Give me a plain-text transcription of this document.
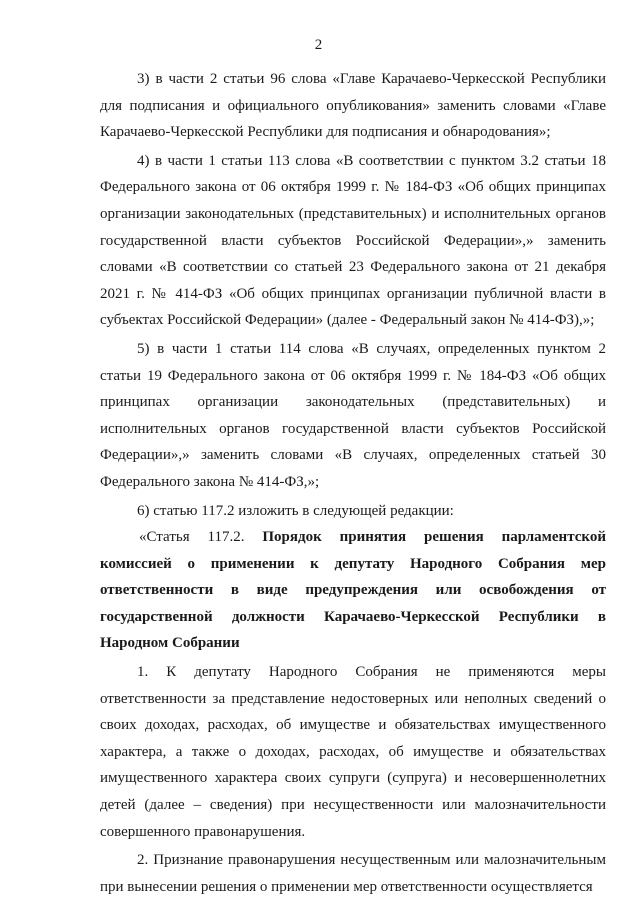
2

3) в части 2 статьи 96 слова «Главе Карачаево-Черкесской Республики для подписания и официального опубликования» заменить словами «Главе Карачаево-Черкесской Республики для подписания и обнародования»;

4) в части 1 статьи 113 слова «В соответствии с пунктом 3.2 статьи 18 Федерального закона от 06 октября 1999 г. № 184-ФЗ «Об общих принципах организации законодательных (представительных) и исполнительных органов государственной власти субъектов Российской Федерации»,» заменить словами «В соответствии со статьей 23 Федерального закона от 21 декабря 2021 г. № 414-ФЗ «Об общих принципах организации публичной власти в субъектах Российской Федерации» (далее - Федеральный закон № 414-ФЗ),»;

5) в части 1 статьи 114 слова «В случаях, определенных пунктом 2 статьи 19 Федерального закона от 06 октября 1999 г. № 184-ФЗ «Об общих принципах организации законодательных (представительных) и исполнительных органов государственной власти субъектов Российской Федерации»,» заменить словами «В случаях, определенных статьей 30 Федерального закона № 414-ФЗ,»;

6) статью 117.2 изложить в следующей редакции:

«Статья 117.2. Порядок принятия решения парламентской комиссией о применении к депутату Народного Собрания мер ответственности в виде предупреждения или освобождения от государственной должности Карачаево-Черкесской Республики в Народном Собрании

1. К депутату Народного Собрания не применяются меры ответственности за представление недостоверных или неполных сведений о своих доходах, расходах, об имуществе и обязательствах имущественного характера, а также о доходах, расходах, об имуществе и обязательствах имущественного характера своих супруги (супруга) и несовершеннолетних детей (далее – сведения) при несущественности или малозначительности совершенного правонарушения.

2. Признание правонарушения несущественным или малозначительным при вынесении решения о применении мер ответственности осуществляется
